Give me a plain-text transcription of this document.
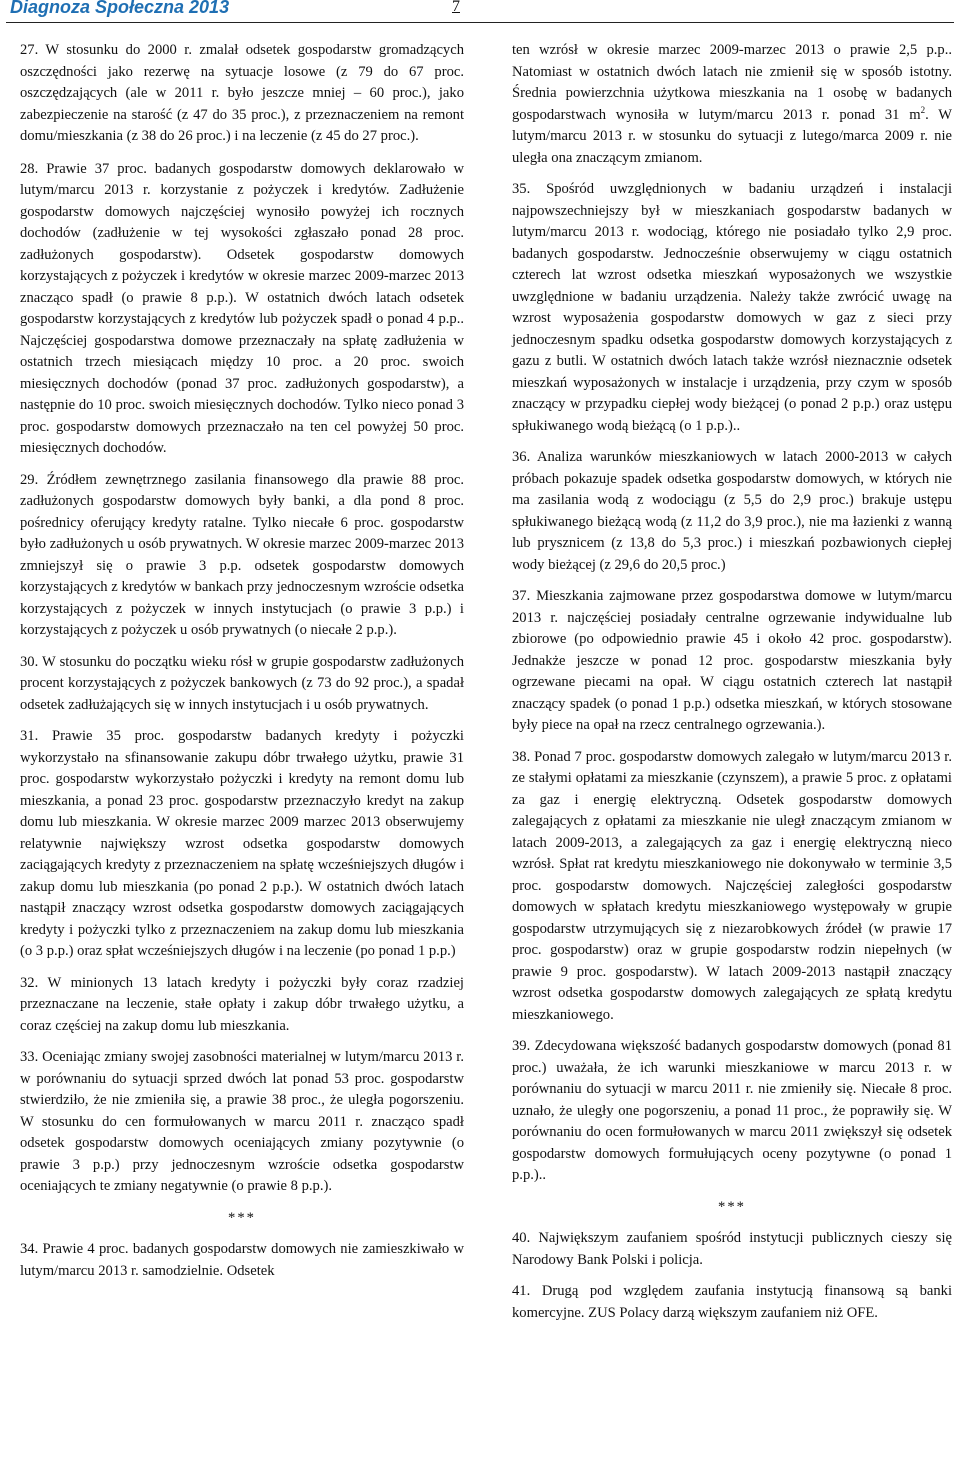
Diagnoza Społeczna 2013	7

27. W stosunku do 2000 r. zmalał odsetek gospodarstw gromadzących oszczędności jako rezerwę na sytuacje losowe (z 79 do 67 proc. oszczędzających (ale w 2011 r. było jeszcze mniej – 60 proc.), jako zabezpieczenie na starość (z 47 do 35 proc.), z przeznaczeniem na remont domu/mieszkania (z 38 do 26 proc.) i na leczenie (z 45 do 27 proc.).

28. Prawie 37 proc. badanych gospodarstw domowych deklarowało w lutym/marcu 2013 r. korzystanie z pożyczek i kredytów. Zadłużenie gospodarstw domowych najczęściej wynosiło powyżej ich rocznych dochodów (zadłużenie w tej wysokości zgłaszało ponad 28 proc. zadłużonych gospodarstw). Odsetek gospodarstw domowych korzystających z pożyczek i kredytów w okresie marzec 2009-marzec 2013 znacząco spadł (o prawie 8 p.p.). W ostatnich dwóch latach odsetek gospodarstw korzystających z kredytów lub pożyczek spadł o ponad 4 p.p.. Najczęściej gospodarstwa domowe przeznaczały na spłatę zadłużenia w ostatnich trzech miesiącach między 10 proc. a 20 proc. swoich miesięcznych dochodów (ponad 37 proc. zadłużonych gospodarstw), a następnie do 10 proc. swoich miesięcznych dochodów. Tylko nieco ponad 3 proc. gospodarstw domowych przeznaczało na ten cel powyżej 50 proc. miesięcznych dochodów.

29. Źródłem zewnętrznego zasilania finansowego dla prawie 88 proc. zadłużonych gospodarstw domowych były banki, a dla pond 8 proc. pośrednicy oferujący kredyty ratalne. Tylko niecałe 6 proc. gospodarstw było zadłużonych u osób prywatnych. W okresie marzec 2009-marzec 2013 zmniejszył się o prawie 3 p.p. odsetek gospodarstw domowych korzystających z kredytów w bankach przy jednoczesnym wzroście odsetka korzystających z pożyczek w innych instytucjach (o prawie 3 p.p.) i korzystających z pożyczek u osób prywatnych (o niecałe 2 p.p.).

30. W stosunku do początku wieku rósł w grupie gospodarstw zadłużonych procent korzystających z pożyczek bankowych (z 73 do 92 proc.), a spadał odsetek zadłużających się w innych instytucjach i u osób prywatnych.

31. Prawie 35 proc. gospodarstw badanych kredyty i pożyczki wykorzystało na sfinansowanie zakupu dóbr trwałego użytku, prawie 31 proc. gospodarstw wykorzystało pożyczki i kredyty na remont domu lub mieszkania, a ponad 23 proc. gospodarstw przeznaczyło kredyt na zakup domu lub mieszkania. W okresie marzec 2009 marzec 2013 obserwujemy relatywnie największy wzrost odsetka gospodarstw domowych zaciągających kredyty z przeznaczeniem na spłatę wcześniejszych długów i zakup domu lub mieszkania (po ponad 2 p.p.). W ostatnich dwóch latach nastąpił znaczący wzrost odsetka gospodarstw domowych zaciągających kredyty i pożyczki tylko z przeznaczeniem na zakup domu lub mieszkania (o 3 p.p.) oraz spłat wcześniejszych długów i na leczenie (po ponad 1 p.p.)

32. W minionych 13 latach kredyty i pożyczki były coraz rzadziej przeznaczane na leczenie, stałe opłaty i zakup dóbr trwałego użytku, a coraz częściej na zakup domu lub mieszkania.

33. Oceniając zmiany swojej zasobności materialnej w lutym/marcu 2013 r. w porównaniu do sytuacji sprzed dwóch lat ponad 53 proc. gospodarstw stwierdziło, że nie zmieniła się, a prawie 38 proc., że uległa pogorszeniu. W stosunku do cen formułowanych w marcu 2011 r. znacząco spadł odsetek gospodarstw domowych oceniających zmiany pozytywnie (o prawie 3 p.p.) przy jednoczesnym wzroście odsetka gospodarstw oceniających te zmiany negatywnie (o prawie 8 p.p.).

***

34. Prawie 4 proc. badanych gospodarstw domowych nie zamieszkiwało w lutym/marcu 2013 r. samodzielnie. Odsetek

ten wzrósł w okresie marzec 2009-marzec 2013 o prawie 2,5 p.p.. Natomiast w ostatnich dwóch latach nie zmienił się w sposób istotny. Średnia powierzchnia użytkowa mieszkania na 1 osobę w badanych gospodarstwach wynosiła w lutym/marcu 2013 r. ponad 31 $m^2$. W lutym/marcu 2013 r. w stosunku do sytuacji z lutego/marca 2009 r. nie uległa ona znaczącym zmianom.

35. Spośród uwzględnionych w badaniu urządzeń i instalacji najpowszechniejszy był w mieszkaniach gospodarstw badanych w lutym/marcu 2013 r. wodociąg, którego nie posiadało tylko 2,9 proc. badanych gospodarstw. Jednocześnie obserwujemy w ciągu ostatnich czterech lat wzrost odsetka mieszkań wyposażonych we wszystkie uwzględnione w badaniu urządzenia. Należy także zwrócić uwagę na wzrost wyposażenia gospodarstw domowych w gaz z sieci przy jednoczesnym spadku odsetka gospodarstw domowych korzystających z gazu z butli. W ostatnich dwóch latach także wzrósł nieznacznie odsetek mieszkań wyposażonych w instalacje i urządzenia, przy czym w sposób znaczący w przypadku ciepłej wody bieżącej (o ponad 2 p.p.) oraz ustępu spłukiwanego wodą bieżącą (o 1 p.p.)..

36. Analiza warunków mieszkaniowych w latach 2000-2013 w całych próbach pokazuje spadek odsetka gospodarstw domowych, w których nie ma zasilania wodą z wodociągu (z 5,5 do 2,9 proc.) brakuje ustępu spłukiwanego bieżącą wodą (z 11,2 do 3,9 proc.), nie ma łazienki z wanną lub prysznicem (z 13,8 do 5,3 proc.) i mieszkań pozbawionych ciepłej wody bieżącej (z 29,6 do 20,5 proc.)

37. Mieszkania zajmowane przez gospodarstwa domowe w lutym/marcu 2013 r. najczęściej posiadały centralne ogrzewanie indywidualne lub zbiorowe (po odpowiednio prawie 45 i około 42 proc. gospodarstw). Jednakże jeszcze w ponad 12 proc. gospodarstw mieszkania były ogrzewane piecami na opał. W ciągu ostatnich czterech lat nastąpił znaczący spadek (o ponad 1 p.p.) odsetka mieszkań, w których stosowane były piece na opał na rzecz centralnego ogrzewania.).

38. Ponad 7 proc. gospodarstw domowych zalegało w lutym/marcu 2013 r. ze stałymi opłatami za mieszkanie (czynszem), a prawie 5 proc. z opłatami za gaz i energię elektryczną. Odsetek gospodarstw domowych zalegających z opłatami za mieszkanie nie uległ znaczącym zmianom w latach 2009-2013, a zalegających za gaz i energię elektryczną nieco wzrósł. Spłat rat kredytu mieszkaniowego nie dokonywało w terminie 3,5 proc. gospodarstw domowych. Najczęściej zaległości gospodarstw domowych w spłatach kredytu mieszkaniowego występowały w grupie gospodarstw utrzymujących się z niezarobkowych źródeł (w prawie 17 proc. gospodarstw) oraz w grupie gospodarstw rodzin niepełnych (w prawie 9 proc. gospodarstw). W latach 2009-2013 nastąpił znaczący wzrost odsetka gospodarstw domowych zalegających ze spłatą kredytu mieszkaniowego.

39. Zdecydowana większość badanych gospodarstw domowych (ponad 81 proc.) uważała, że ich warunki mieszkaniowe w marcu 2013 r. w porównaniu do sytuacji w marcu 2011 r. nie zmieniły się. Niecałe 8 proc. uznało, że uległy one pogorszeniu, a ponad 11 proc., że poprawiły się. W porównaniu do ocen formułowanych w marcu 2011 zwiększył się odsetek gospodarstw domowych formułujących oceny pozytywne (o ponad 1 p.p.)..

***

40. Największym zaufaniem spośród instytucji publicznych cieszy się Narodowy Bank Polski i policja.

41. Drugą pod względem zaufania instytucją finansową są banki komercyjne. ZUS Polacy darzą większym zaufaniem niż OFE.
